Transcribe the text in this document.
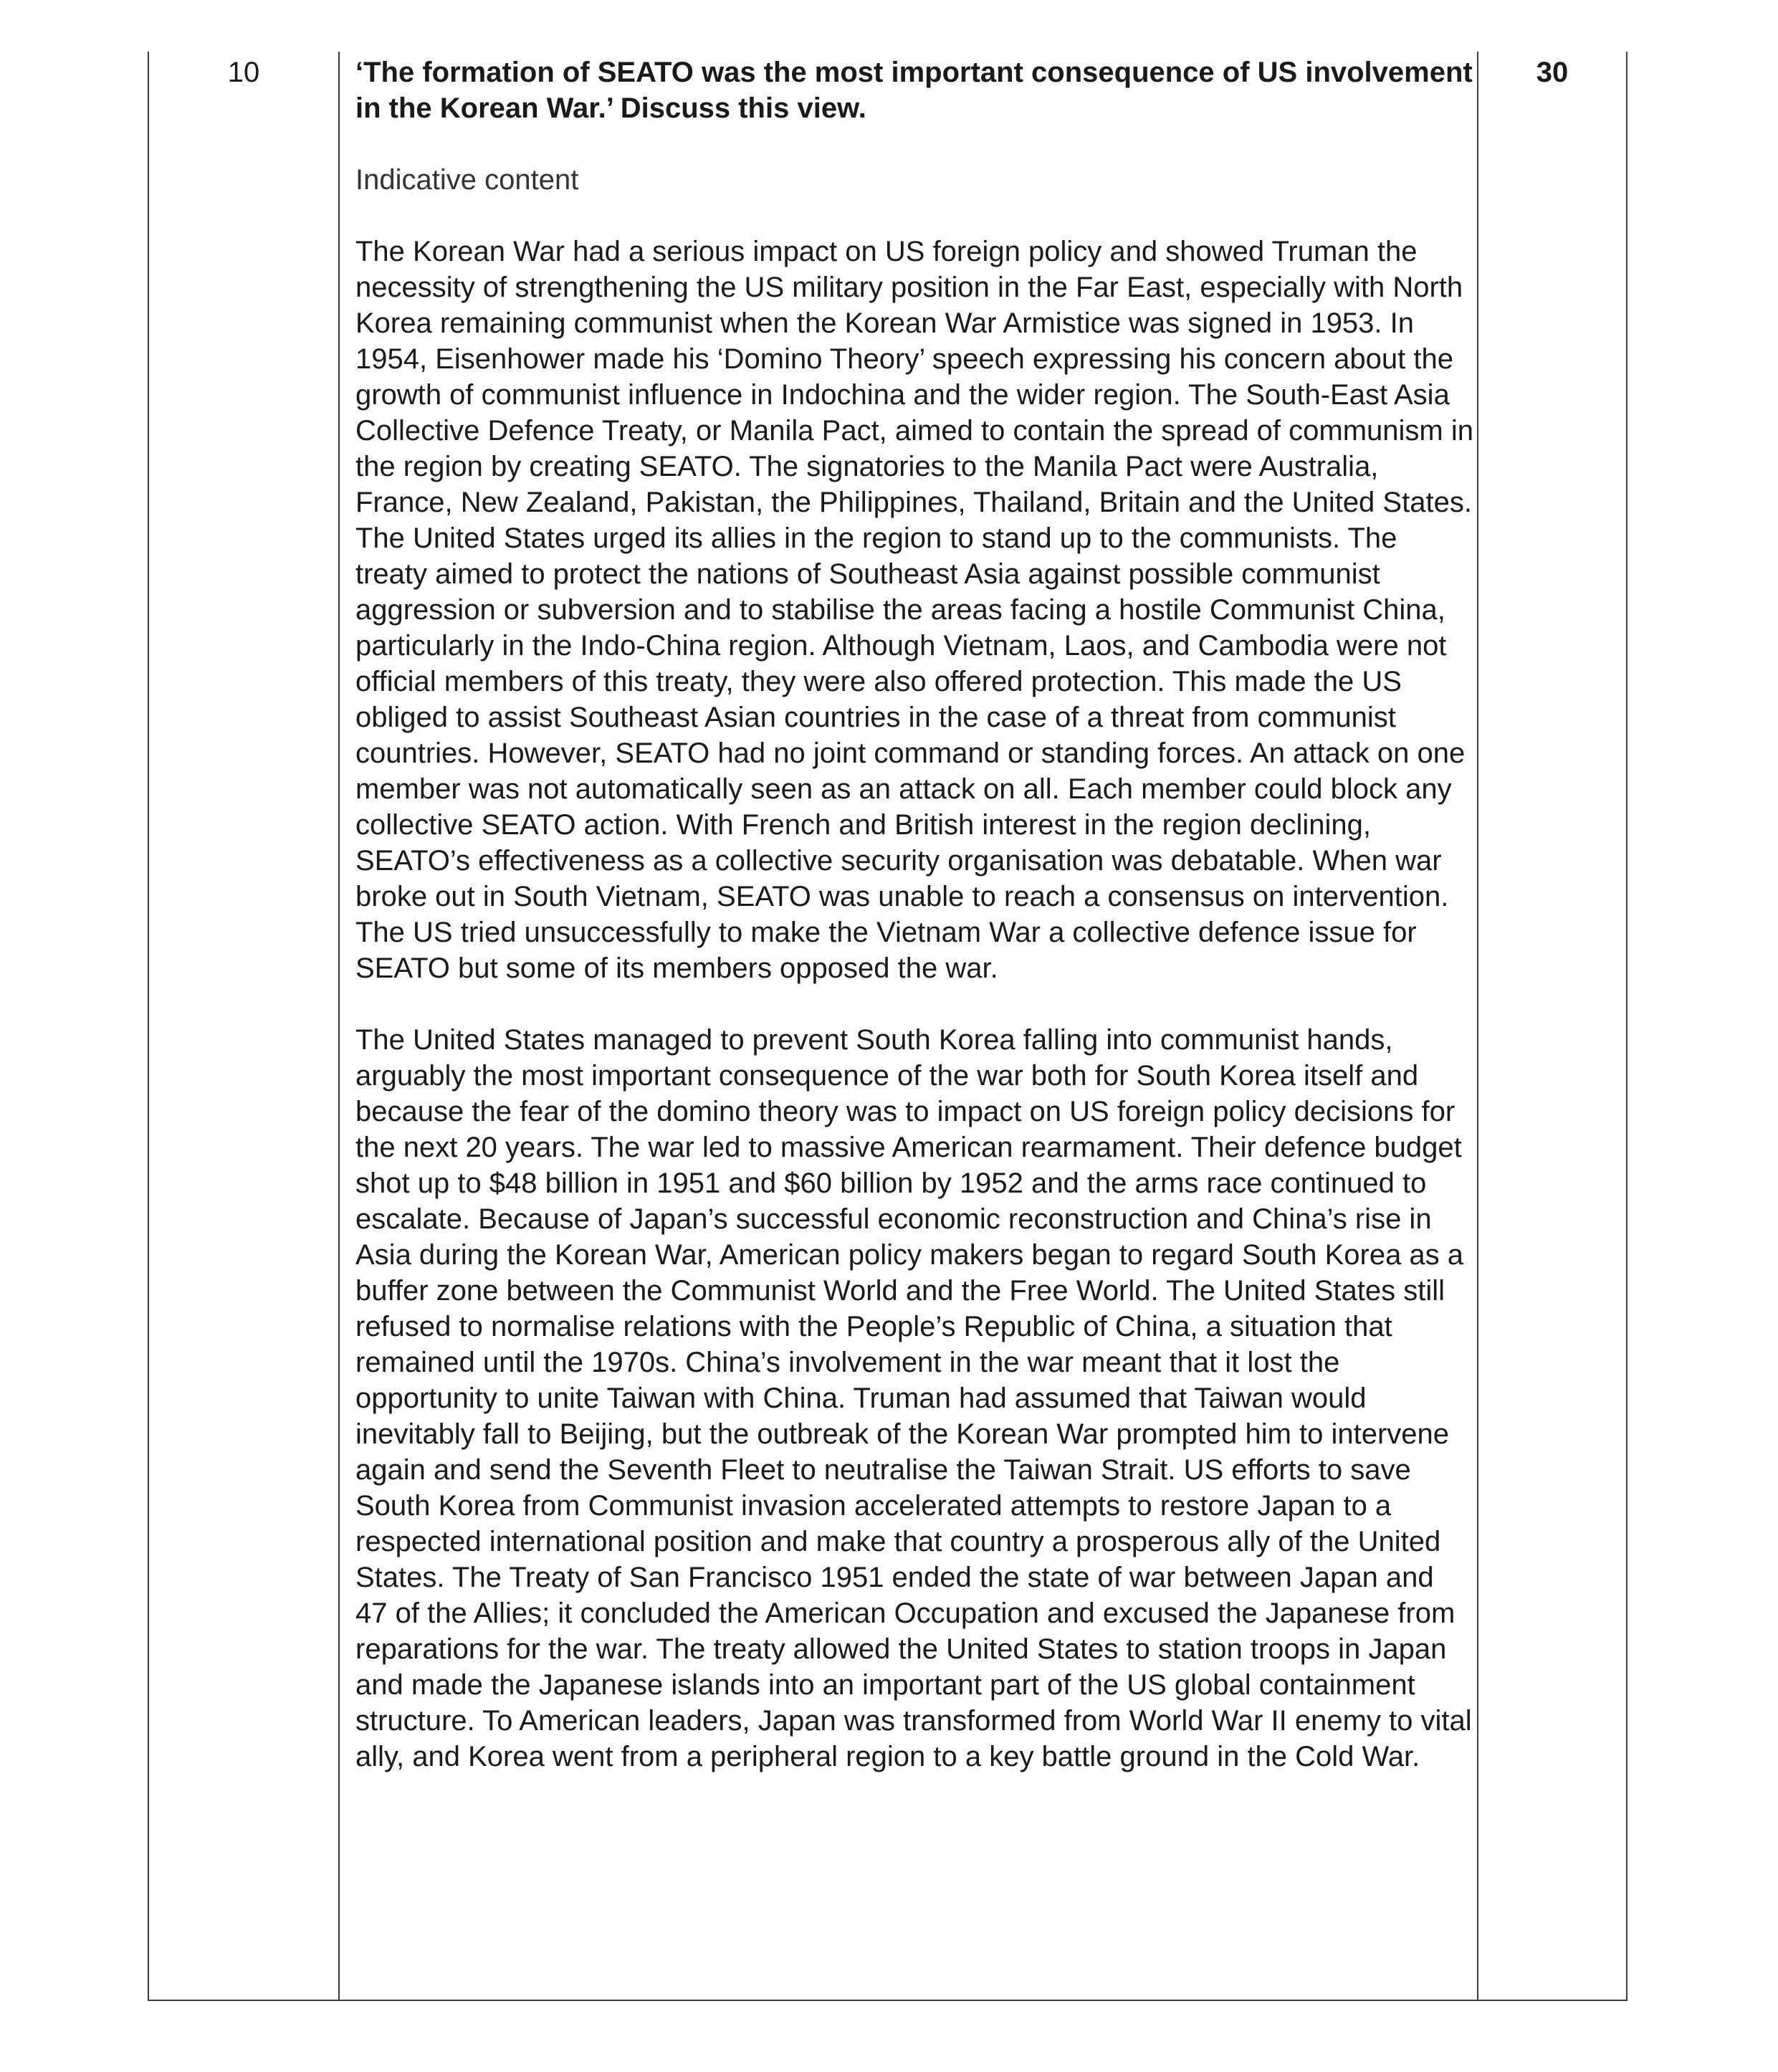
10	‘The formation of SEATO was the most important consequence of US involvement in the Korean War.’ Discuss this view.

Indicative content

The Korean War had a serious impact on US foreign policy and showed Truman the necessity of strengthening the US military position in the Far East, especially with North Korea remaining communist when the Korean War Armistice was signed in 1953. In 1954, Eisenhower made his ‘Domino Theory’ speech expressing his concern about the growth of communist influence in Indochina and the wider region. The South-East Asia Collective Defence Treaty, or Manila Pact, aimed to contain the spread of communism in the region by creating SEATO. The signatories to the Manila Pact were Australia, France, New Zealand, Pakistan, the Philippines, Thailand, Britain and the United States. The United States urged its allies in the region to stand up to the communists. The treaty aimed to protect the nations of Southeast Asia against possible communist aggression or subversion and to stabilise the areas facing a hostile Communist China, particularly in the Indo-China region. Although Vietnam, Laos, and Cambodia were not official members of this treaty, they were also offered protection. This made the US obliged to assist Southeast Asian countries in the case of a threat from communist countries. However, SEATO had no joint command or standing forces. An attack on one member was not automatically seen as an attack on all. Each member could block any collective SEATO action. With French and British interest in the region declining, SEATO’s effectiveness as a collective security organisation was debatable. When war broke out in South Vietnam, SEATO was unable to reach a consensus on intervention. The US tried unsuccessfully to make the Vietnam War a collective defence issue for SEATO but some of its members opposed the war.

The United States managed to prevent South Korea falling into communist hands, arguably the most important consequence of the war both for South Korea itself and because the fear of the domino theory was to impact on US foreign policy decisions for the next 20 years. The war led to massive American rearmament. Their defence budget shot up to $48 billion in 1951 and $60 billion by 1952 and the arms race continued to escalate. Because of Japan’s successful economic reconstruction and China’s rise in Asia during the Korean War, American policy makers began to regard South Korea as a buffer zone between the Communist World and the Free World. The United States still refused to normalise relations with the People’s Republic of China, a situation that remained until the 1970s. China’s involvement in the war meant that it lost the opportunity to unite Taiwan with China. Truman had assumed that Taiwan would inevitably fall to Beijing, but the outbreak of the Korean War prompted him to intervene again and send the Seventh Fleet to neutralise the Taiwan Strait. US efforts to save South Korea from Communist invasion accelerated attempts to restore Japan to a respected international position and make that country a prosperous ally of the United States. The Treaty of San Francisco 1951 ended the state of war between Japan and 47 of the Allies; it concluded the American Occupation and excused the Japanese from reparations for the war. The treaty allowed the United States to station troops in Japan and made the Japanese islands into an important part of the US global containment structure. To American leaders, Japan was transformed from World War II enemy to vital ally, and Korea went from a peripheral region to a key battle ground in the Cold War.

30
